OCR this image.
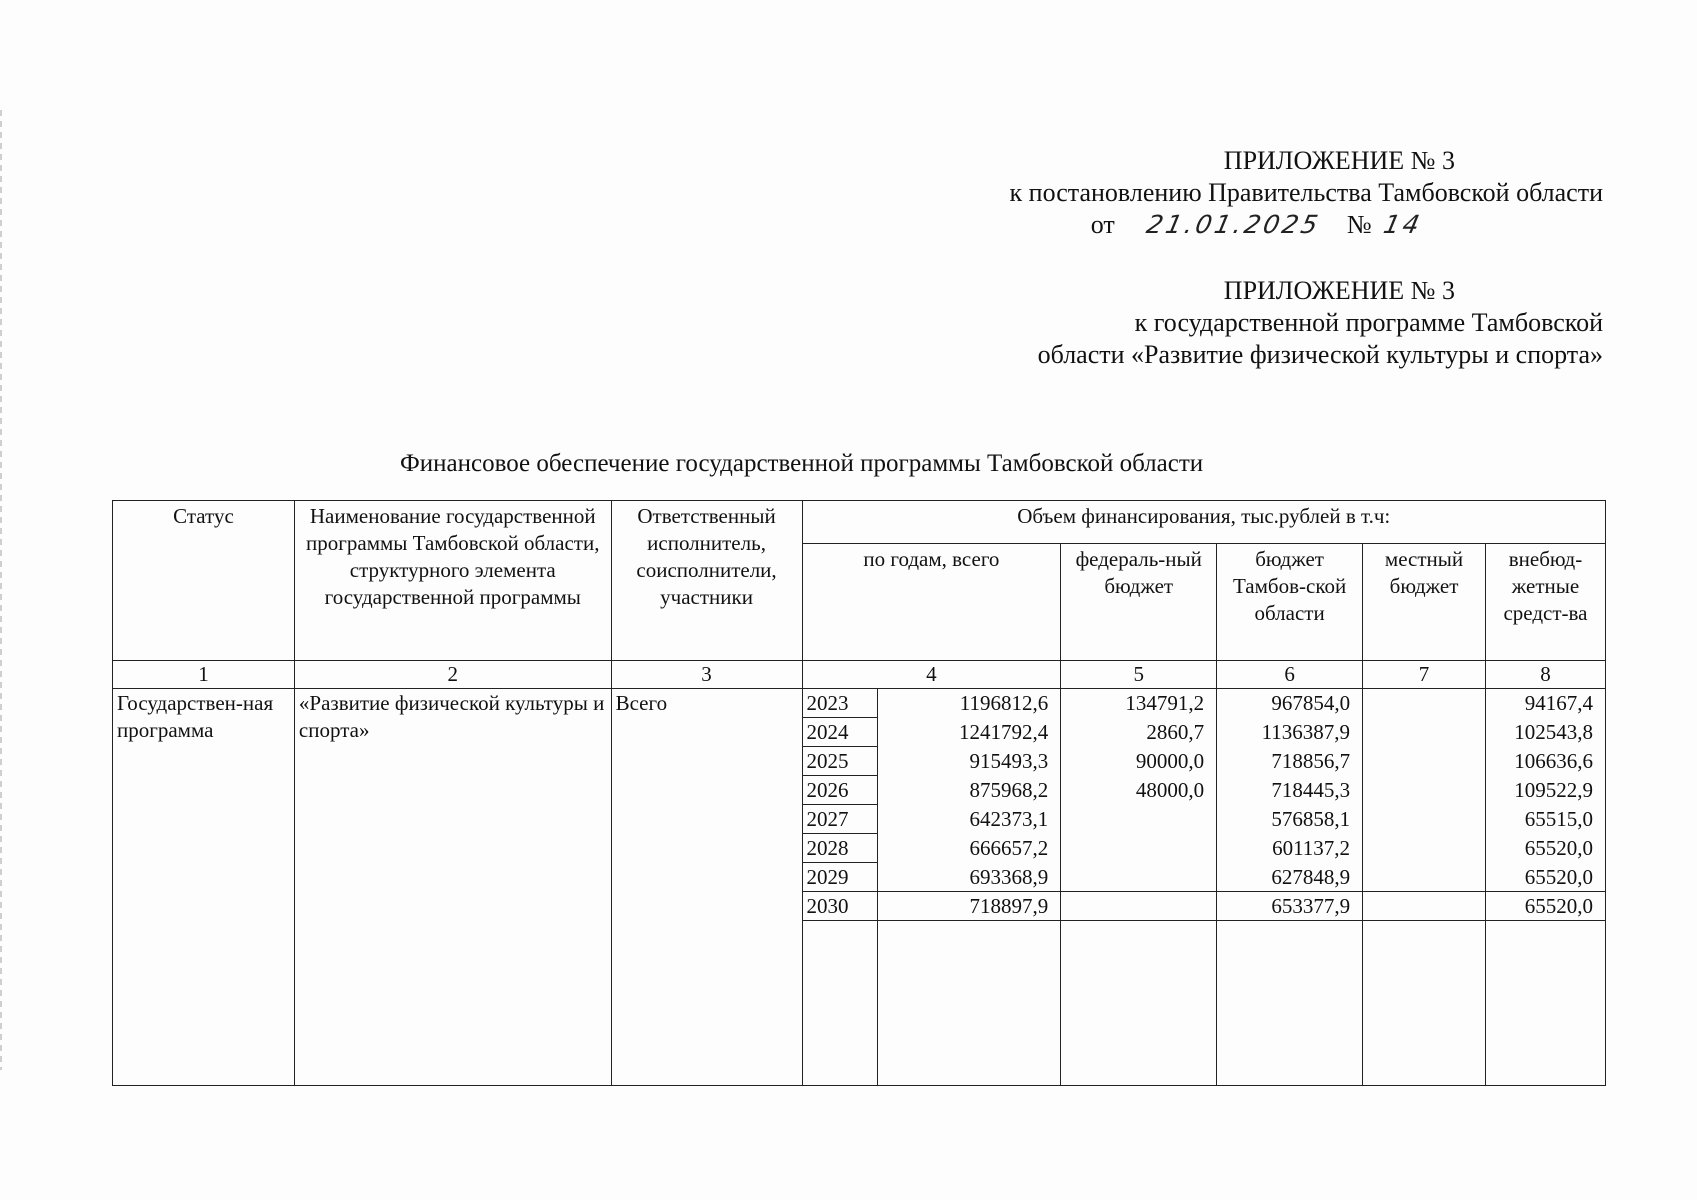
ПРИЛОЖЕНИЕ № 3
к постановлению Правительства Тамбовской области
от 21.01.2025 № 14
ПРИЛОЖЕНИЕ № 3
к государственной программе Тамбовской
области «Развитие физической культуры и спорта»
Финансовое обеспечение государственной программы Тамбовской области
Статус	Наименование государственной программы Тамбовской области, структурного элемента государственной программы	Ответственный исполнитель, соисполнители, участники	Объем финансирования, тыс.рублей в т.ч:					
			по годам, всего		федераль-ный бюджет	бюджет Тамбов-ской области	местный бюджет	внебюд-жетные средст-ва
1	2	3	4		5	6	7	8
Государствен-ная программа	«Развитие физической культуры и спорта»	Всего	2023	1196812,6	134791,2	967854,0		94167,4
			2024	1241792,4	2860,7	1136387,9		102543,8
			2025	915493,3	90000,0	718856,7		106636,6
			2026	875968,2	48000,0	718445,3		109522,9
			2027	642373,1		576858,1		65515,0
			2028	666657,2		601137,2		65520,0
			2029	693368,9		627848,9		65520,0
			2030	718897,9		653377,9		65520,0
